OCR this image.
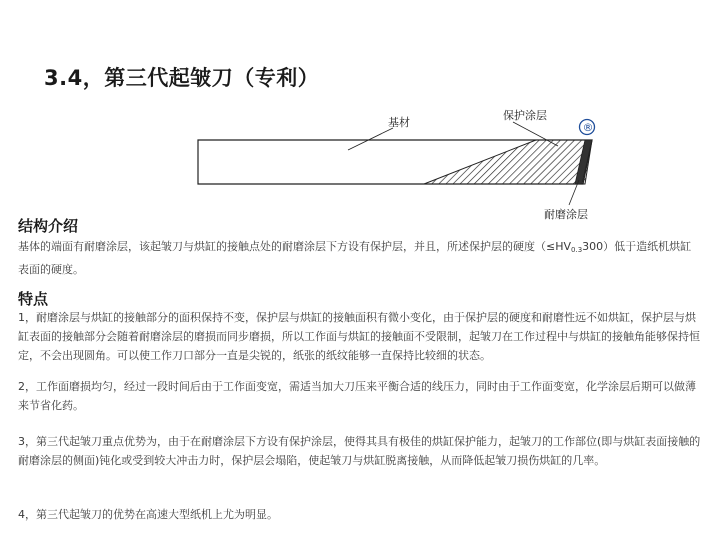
3.4，第三代起皱刀（专利）
基材
保护涂层
®
耐磨涂层
结构介绍
基体的端面有耐磨涂层，该起皱刀与烘缸的接触点处的耐磨涂层下方设有保护层，并且，所述保护层的硬度$(\le HV_{0.3}300)$低于造纸机烘缸表面的硬度。
特点
1，耐磨涂层与烘缸的接触部分的面积保持不变，保护层与烘缸的接触面积有微小变化，由于保护层的硬度和耐磨性远不如烘缸，保护层与烘缸表面的接触部分会随着耐磨涂层的磨损而同步磨损，所以工作面与烘缸的接触面不受限制，起皱刀在工作过程中与烘缸的接触角能够保持恒定，不会出现圆角。可以使工作刀口部分一直是尖锐的，纸张的纸纹能够一直保持比较细的状态。
2，工作面磨损均匀，经过一段时间后由于工作面变宽，需适当加大刀压来平衡合适的线压力，同时由于工作面变宽，化学涂层后期可以做薄来节省化药。
3，第三代起皱刀重点优势为，由于在耐磨涂层下方设有保护涂层，使得其具有极佳的烘缸保护能力，起皱刀的工作部位(即与烘缸表面接触的耐磨涂层的侧面)钝化或受到较大冲击力时，保护层会塌陷，使起皱刀与烘缸脱离接触，从而降低起皱刀损伤烘缸的几率。
4，第三代起皱刀的优势在高速大型纸机上尤为明显。
